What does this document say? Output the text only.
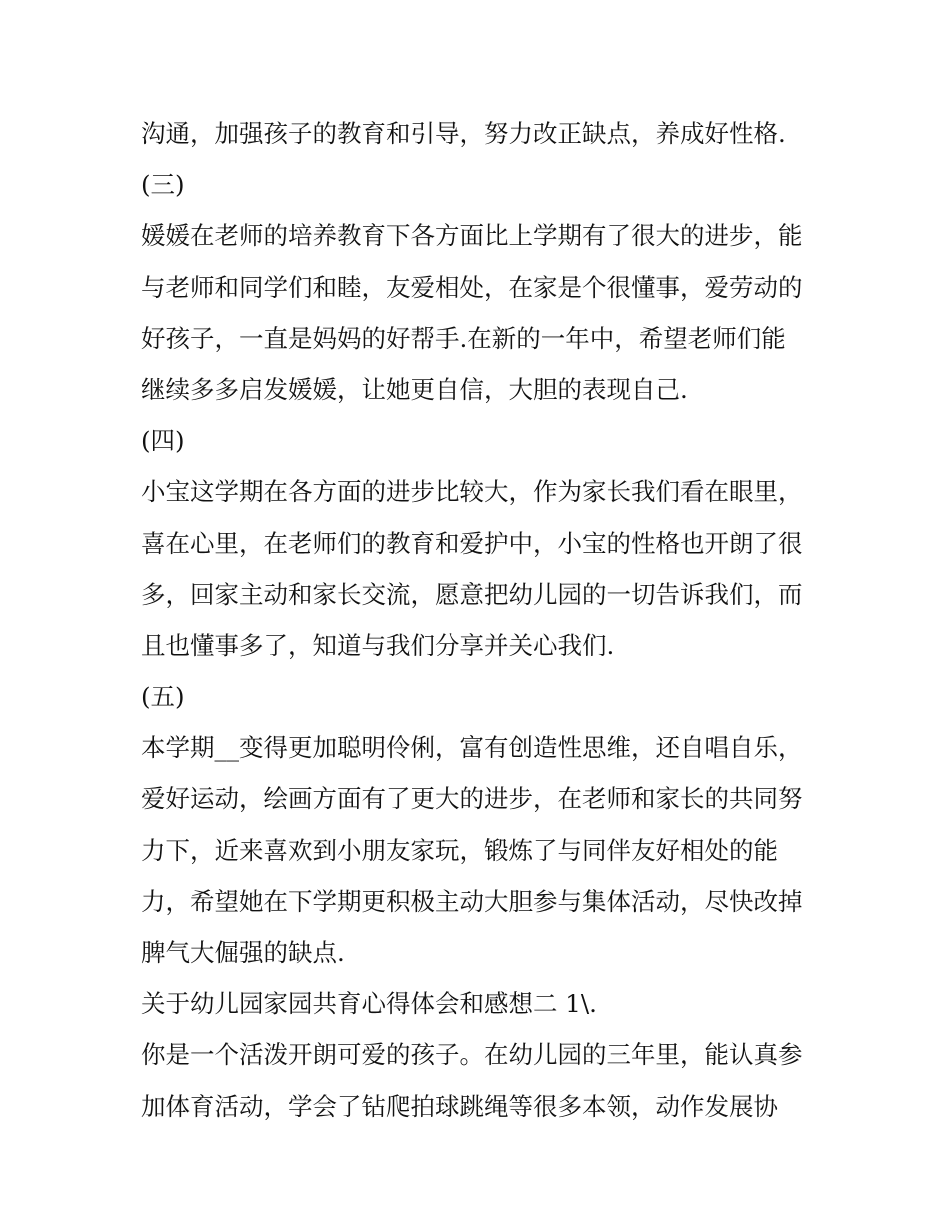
沟通，加强孩子的教育和引导，努力改正缺点，养成好性格.
(三)
媛媛在老师的培养教育下各方面比上学期有了很大的进步，能
与老师和同学们和睦，友爱相处，在家是个很懂事，爱劳动的
好孩子，一直是妈妈的好帮手.在新的一年中，希望老师们能
继续多多启发媛媛，让她更自信，大胆的表现自己.
(四)
小宝这学期在各方面的进步比较大，作为家长我们看在眼里，
喜在心里，在老师们的教育和爱护中，小宝的性格也开朗了很
多，回家主动和家长交流，愿意把幼儿园的一切告诉我们，而
且也懂事多了，知道与我们分享并关心我们.
(五)
本学期__变得更加聪明伶俐，富有创造性思维，还自唱自乐，
爱好运动，绘画方面有了更大的进步，在老师和家长的共同努
力下，近来喜欢到小朋友家玩，锻炼了与同伴友好相处的能
力，希望她在下学期更积极主动大胆参与集体活动，尽快改掉
脾气大倔强的缺点.
关于幼儿园家园共育心得体会和感想二 1\.
你是一个活泼开朗可爱的孩子。在幼儿园的三年里，能认真参
加体育活动，学会了钻爬拍球跳绳等很多本领，动作发展协
